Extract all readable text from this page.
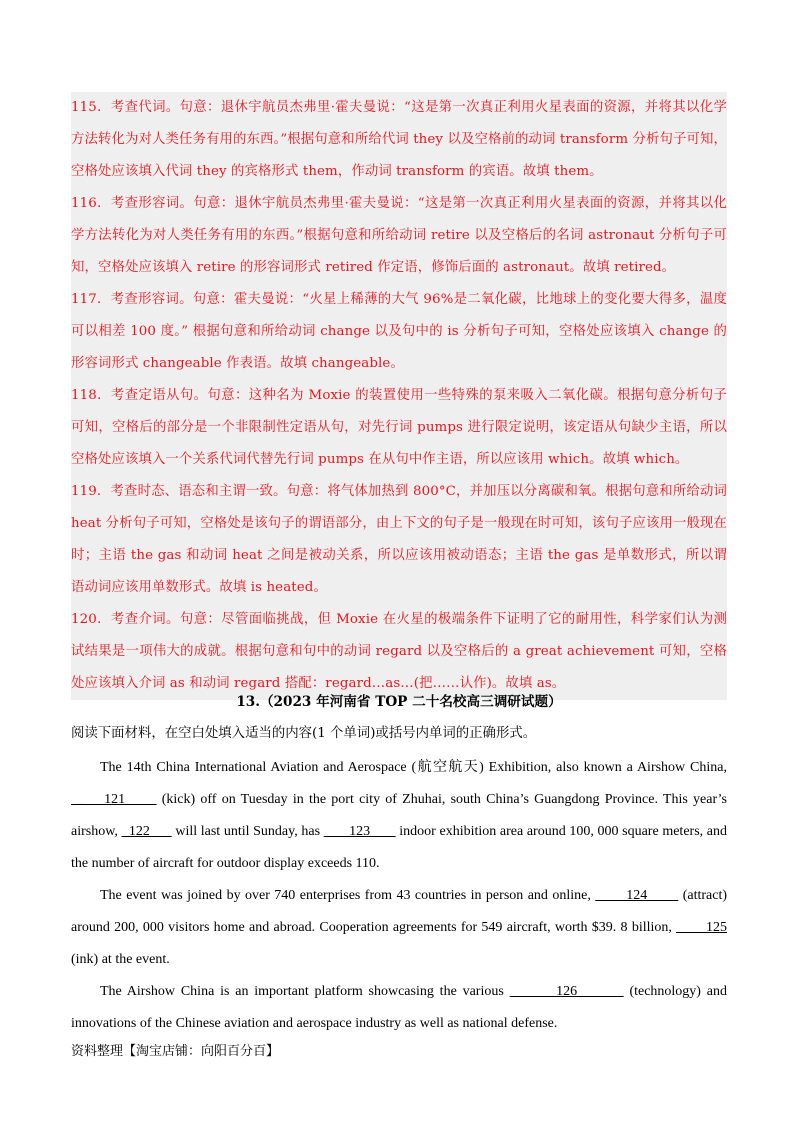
115．考查代词。句意：退休宇航员杰弗里·霍夫曼说：“这是第一次真正利用火星表面的资源，并将其以化学方法转化为对人类任务有用的东西。”根据句意和所给代词 they 以及空格前的动词 transform 分析句子可知，空格处应该填入代词 they 的宾格形式 them，作动词 transform 的宾语。故填 them。

116．考查形容词。句意：退休宇航员杰弗里·霍夫曼说：“这是第一次真正利用火星表面的资源，并将其以化学方法转化为对人类任务有用的东西。”根据句意和所给动词 retire 以及空格后的名词 astronaut 分析句子可知，空格处应该填入 retire 的形容词形式 retired 作定语，修饰后面的 astronaut。故填 retired。

117．考查形容词。句意：霍夫曼说：“火星上稀薄的大气 96%是二氧化碳，比地球上的变化要大得多，温度可以相差 100 度。” 根据句意和所给动词 change 以及句中的 is 分析句子可知，空格处应该填入 change 的形容词形式 changeable 作表语。故填 changeable。

118．考查定语从句。句意：这种名为 Moxie 的装置使用一些特殊的泵来吸入二氧化碳。根据句意分析句子可知，空格后的部分是一个非限制性定语从句，对先行词 pumps 进行限定说明，该定语从句缺少主语，所以空格处应该填入一个关系代词代替先行词 pumps 在从句中作主语，所以应该用 which。故填 which。

119．考查时态、语态和主谓一致。句意：将气体加热到 800°C，并加压以分离碳和氧。根据句意和所给动词 heat 分析句子可知，空格处是该句子的谓语部分，由上下文的句子是一般现在时可知，该句子应该用一般现在时；主语 the gas 和动词 heat 之间是被动关系，所以应该用被动语态；主语 the gas 是单数形式，所以谓语动词应该用单数形式。故填 is heated。

120．考查介词。句意：尽管面临挑战，但 Moxie 在火星的极端条件下证明了它的耐用性，科学家们认为测试结果是一项伟大的成就。根据句意和句中的动词 regard 以及空格后的 a great achievement 可知，空格处应该填入介词 as 和动词 regard 搭配：regard…as…(把……认作)。故填 as。

13.（2023 年河南省 TOP 二十名校高三调研试题）
阅读下面材料，在空白处填入适当的内容(1 个单词)或括号内单词的正确形式。

The 14th China International Aviation and Aerospace (航空航天) Exhibition, also known a Airshow China,  _    121       (kick) off on Tuesday in the port city of Zhuhai, south China’s Guangdong Province. This year’s airshow,   122       will last until Sunday, has        123        indoor exhibition area around 100, 000 square meters, and the number of aircraft for outdoor display exceeds 110.

The event was joined by over 740 enterprises from 43 countries in person and online,        124        (attract) around 200, 000 visitors home and abroad. Cooperation agreements for 549 aircraft, worth $39. 8 billion,        125 (ink) at the event.

The Airshow China is an important platform showcasing the various         126         (technology) and innovations of the Chinese aviation and aerospace industry as well as national defense.

资料整理【淘宝店铺：向阳百分百】
